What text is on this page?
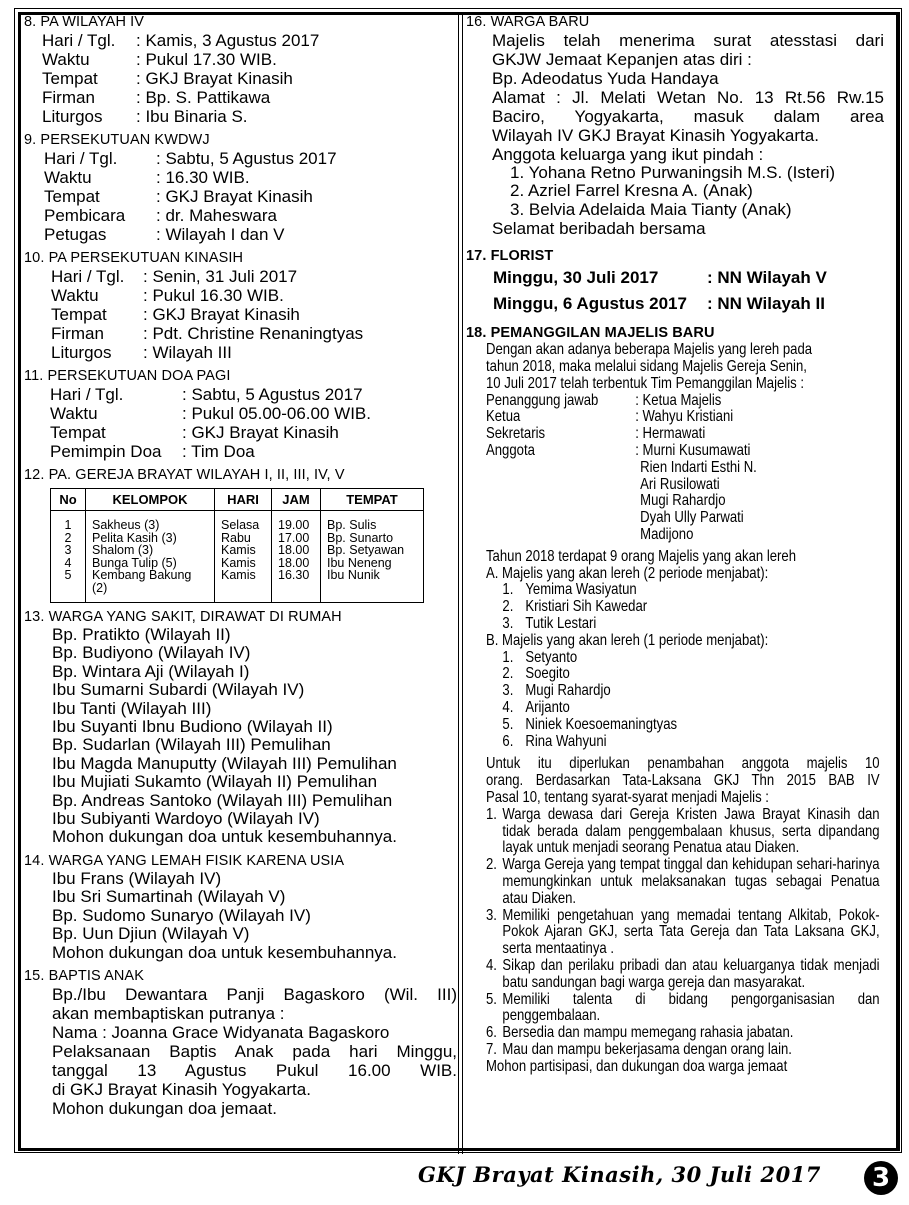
8. PA WILAYAH IV
Hari / Tgl.	: Kamis, 3 Agustus 2017
Waktu	: Pukul 17.30 WIB.
Tempat	: GKJ Brayat Kinasih
Firman	: Bp. S. Pattikawa
Liturgos	: Ibu Binaria S.
9. PERSEKUTUAN KWDWJ
Hari / Tgl.	: Sabtu, 5 Agustus 2017
Waktu	: 16.30 WIB.
Tempat	: GKJ Brayat Kinasih
Pembicara	: dr. Maheswara
Petugas	: Wilayah I dan V
10. PA PERSEKUTUAN KINASIH
Hari / Tgl.	: Senin, 31 Juli 2017
Waktu	: Pukul 16.30 WIB.
Tempat	: GKJ Brayat Kinasih
Firman	: Pdt. Christine Renaningtyas
Liturgos	: Wilayah III
11. PERSEKUTUAN DOA PAGI
Hari / Tgl.	: Sabtu, 5 Agustus 2017
Waktu	: Pukul 05.00-06.00 WIB.
Tempat	: GKJ Brayat Kinasih
Pemimpin Doa	: Tim Doa
12. PA. GEREJA BRAYAT WILAYAH I, II, III, IV, V
No	KELOMPOK	HARI	JAM	TEMPAT
1	Sakheus (3)	Selasa	19.00	Bp. Sulis
2	Pelita Kasih (3)	Rabu	17.00	Bp. Sunarto
3	Shalom (3)	Kamis	18.00	Bp. Setyawan
4	Bunga Tulip (5)	Kamis	18.00	Ibu Neneng
5	Kembang Bakung (2)	Kamis	16.30	Ibu Nunik
13. WARGA YANG SAKIT, DIRAWAT DI RUMAH
Bp. Pratikto (Wilayah II)
Bp. Budiyono (Wilayah IV)
Bp. Wintara Aji (Wilayah I)
Ibu Sumarni Subardi (Wilayah IV)
Ibu Tanti (Wilayah III)
Ibu Suyanti Ibnu Budiono (Wilayah II)
Bp. Sudarlan (Wilayah III) Pemulihan
Ibu Magda Manuputty (Wilayah III) Pemulihan
Ibu Mujiati Sukamto (Wilayah II) Pemulihan
Bp. Andreas Santoko (Wilayah III) Pemulihan
Ibu Subiyanti Wardoyo (Wilayah IV)
Mohon dukungan doa untuk kesembuhannya.
14. WARGA YANG LEMAH FISIK KARENA USIA
Ibu Frans (Wilayah IV)
Ibu Sri Sumartinah (Wilayah V)
Bp. Sudomo Sunaryo (Wilayah IV)
Bp. Uun Djiun (Wilayah V)
Mohon dukungan doa untuk kesembuhannya.
15. BAPTIS ANAK
Bp./Ibu Dewantara Panji Bagaskoro (Wil. III)
akan membaptiskan putranya :
Nama : Joanna Grace Widyanata Bagaskoro
Pelaksanaan Baptis Anak pada hari Minggu,
tanggal 13 Agustus Pukul 16.00 WIB.
di GKJ Brayat Kinasih Yogyakarta.
Mohon dukungan doa jemaat.
16. WARGA BARU
Majelis telah menerima surat atesstasi dari
GKJW Jemaat Kepanjen atas diri :
Bp. Adeodatus Yuda Handaya
Alamat : Jl. Melati Wetan No. 13 Rt.56 Rw.15
Baciro, Yogyakarta, masuk dalam area
Wilayah IV GKJ Brayat Kinasih Yogyakarta.
Anggota keluarga yang ikut pindah :
1. Yohana Retno Purwaningsih M.S. (Isteri)
2. Azriel Farrel Kresna A. (Anak)
3. Belvia Adelaida Maia Tianty (Anak)
Selamat beribadah bersama
17. FLORIST
Minggu, 30 Juli 2017	: NN Wilayah V
Minggu, 6 Agustus 2017	: NN Wilayah II
18. PEMANGGILAN MAJELIS BARU
Dengan akan adanya beberapa Majelis yang lereh pada
tahun 2018, maka melalui sidang Majelis Gereja Senin,
10 Juli 2017 telah terbentuk Tim Pemanggilan Majelis :
Penanggung jawab	: Ketua Majelis
Ketua	: Wahyu Kristiani
Sekretaris	: Hermawati
Anggota	: Murni Kusumawati
Rien Indarti Esthi N.
Ari Rusilowati
Mugi Rahardjo
Dyah Ully Parwati
Madijono
Tahun 2018 terdapat 9 orang Majelis yang akan lereh
A. Majelis yang akan lereh (2 periode menjabat):
1. Yemima Wasiyatun
2. Kristiari Sih Kawedar
3. Tutik Lestari
B. Majelis yang akan lereh (1 periode menjabat):
1. Setyanto
2. Soegito
3. Mugi Rahardjo
4. Arijanto
5. Niniek Koesoemaningtyas
6. Rina Wahyuni
Untuk itu diperlukan penambahan anggota majelis 10
orang. Berdasarkan Tata-Laksana GKJ Thn 2015 BAB IV
Pasal 10, tentang syarat-syarat menjadi Majelis :
1. Warga dewasa dari Gereja Kristen Jawa Brayat Kinasih dan tidak berada dalam penggembalaan khusus, serta dipandang layak untuk menjadi seorang Penatua atau Diaken.
2. Warga Gereja yang tempat tinggal dan kehidupan sehari-harinya memungkinkan untuk melaksanakan tugas sebagai Penatua atau Diaken.
3. Memiliki pengetahuan yang memadai tentang Alkitab, Pokok-Pokok Ajaran GKJ, serta Tata Gereja dan Tata Laksana GKJ, serta mentaatinya .
4. Sikap dan perilaku pribadi dan atau keluarganya tidak menjadi batu sandungan bagi warga gereja dan masyarakat.
5. Memiliki talenta di bidang pengorganisasian dan penggembalaan.
6. Bersedia dan mampu memegang rahasia jabatan.
7. Mau dan mampu bekerjasama dengan orang lain.
Mohon partisipasi, dan dukungan doa warga jemaat
GKJ Brayat Kinasih, 30 Juli 2017	3
